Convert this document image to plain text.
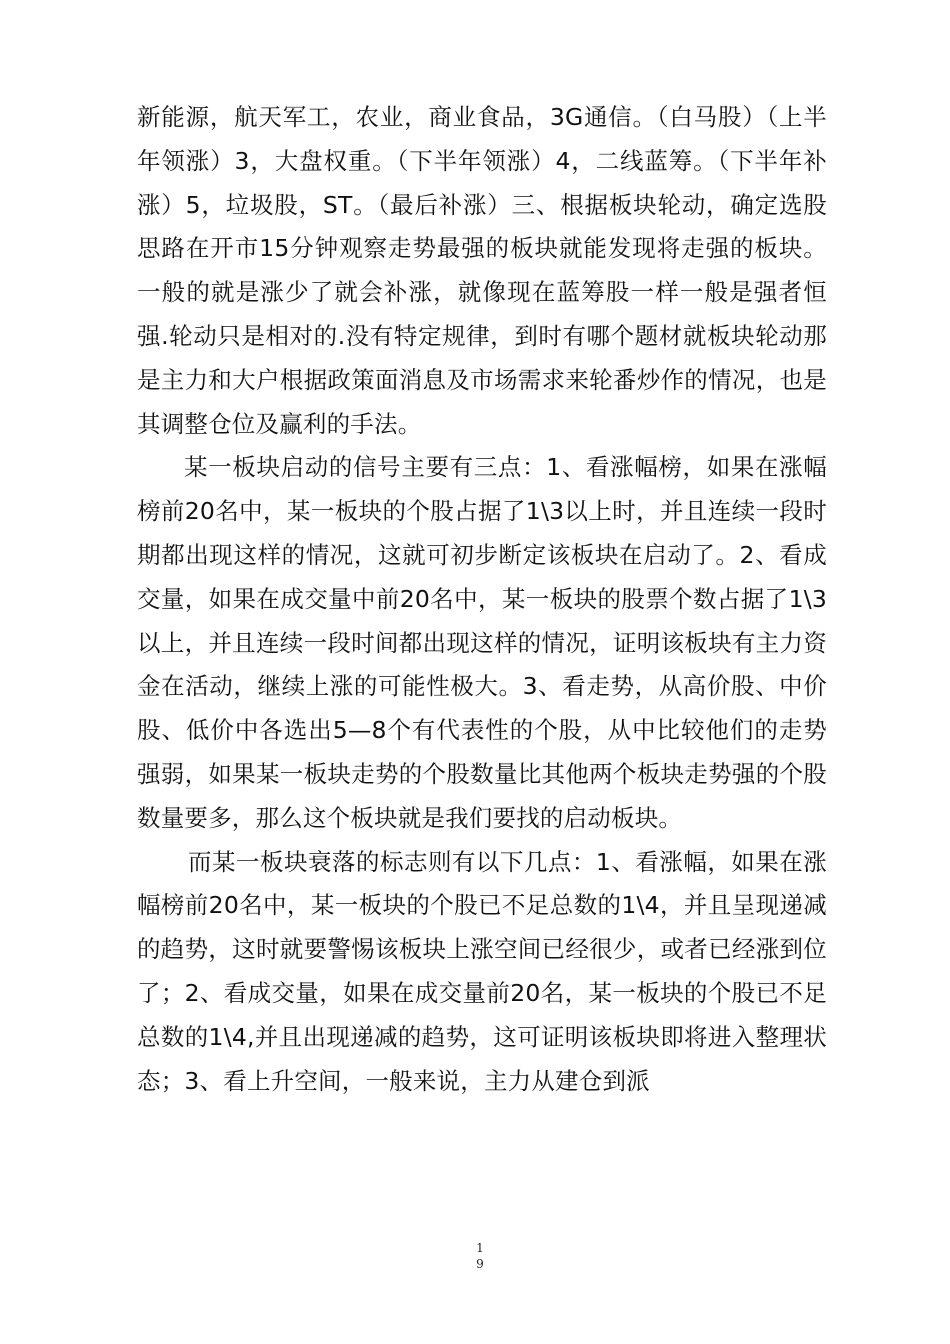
新能源，航天军工，农业，商业食品，3G通信。（白马股）（上半年领涨）3，大盘权重。（下半年领涨）4，二线蓝筹。（下半年补涨）5，垃圾股，ST。（最后补涨）三、根据板块轮动，确定选股思路在开市15分钟观察走势最强的板块就能发现将走强的板块。一般的就是涨少了就会补涨，就像现在蓝筹股一样一般是强者恒强.轮动只是相对的.没有特定规律，到时有哪个题材就板块轮动那是主力和大户根据政策面消息及市场需求来轮番炒作的情况，也是其调整仓位及赢利的手法。

某一板块启动的信号主要有三点：1、看涨幅榜，如果在涨幅榜前20名中，某一板块的个股占据了1\3以上时，并且连续一段时期都出现这样的情况，这就可初步断定该板块在启动了。2、看成交量，如果在成交量中前20名中，某一板块的股票个数占据了1\3以上，并且连续一段时间都出现这样的情况，证明该板块有主力资金在活动，继续上涨的可能性极大。3、看走势，从高价股、中价股、低价中各选出5—8个有代表性的个股，从中比较他们的走势强弱，如果某一板块走势的个股数量比其他两个板块走势强的个股数量要多，那么这个板块就是我们要找的启动板块。

而某一板块衰落的标志则有以下几点：1、看涨幅，如果在涨幅榜前20名中，某一板块的个股已不足总数的1\4，并且呈现递减的趋势，这时就要警惕该板块上涨空间已经很少，或者已经涨到位了；2、看成交量，如果在成交量前20名，某一板块的个股已不足总数的1\4,并且出现递减的趋势，这可证明该板块即将进入整理状态；3、看上升空间，一般来说，主力从建仓到派

1
9
